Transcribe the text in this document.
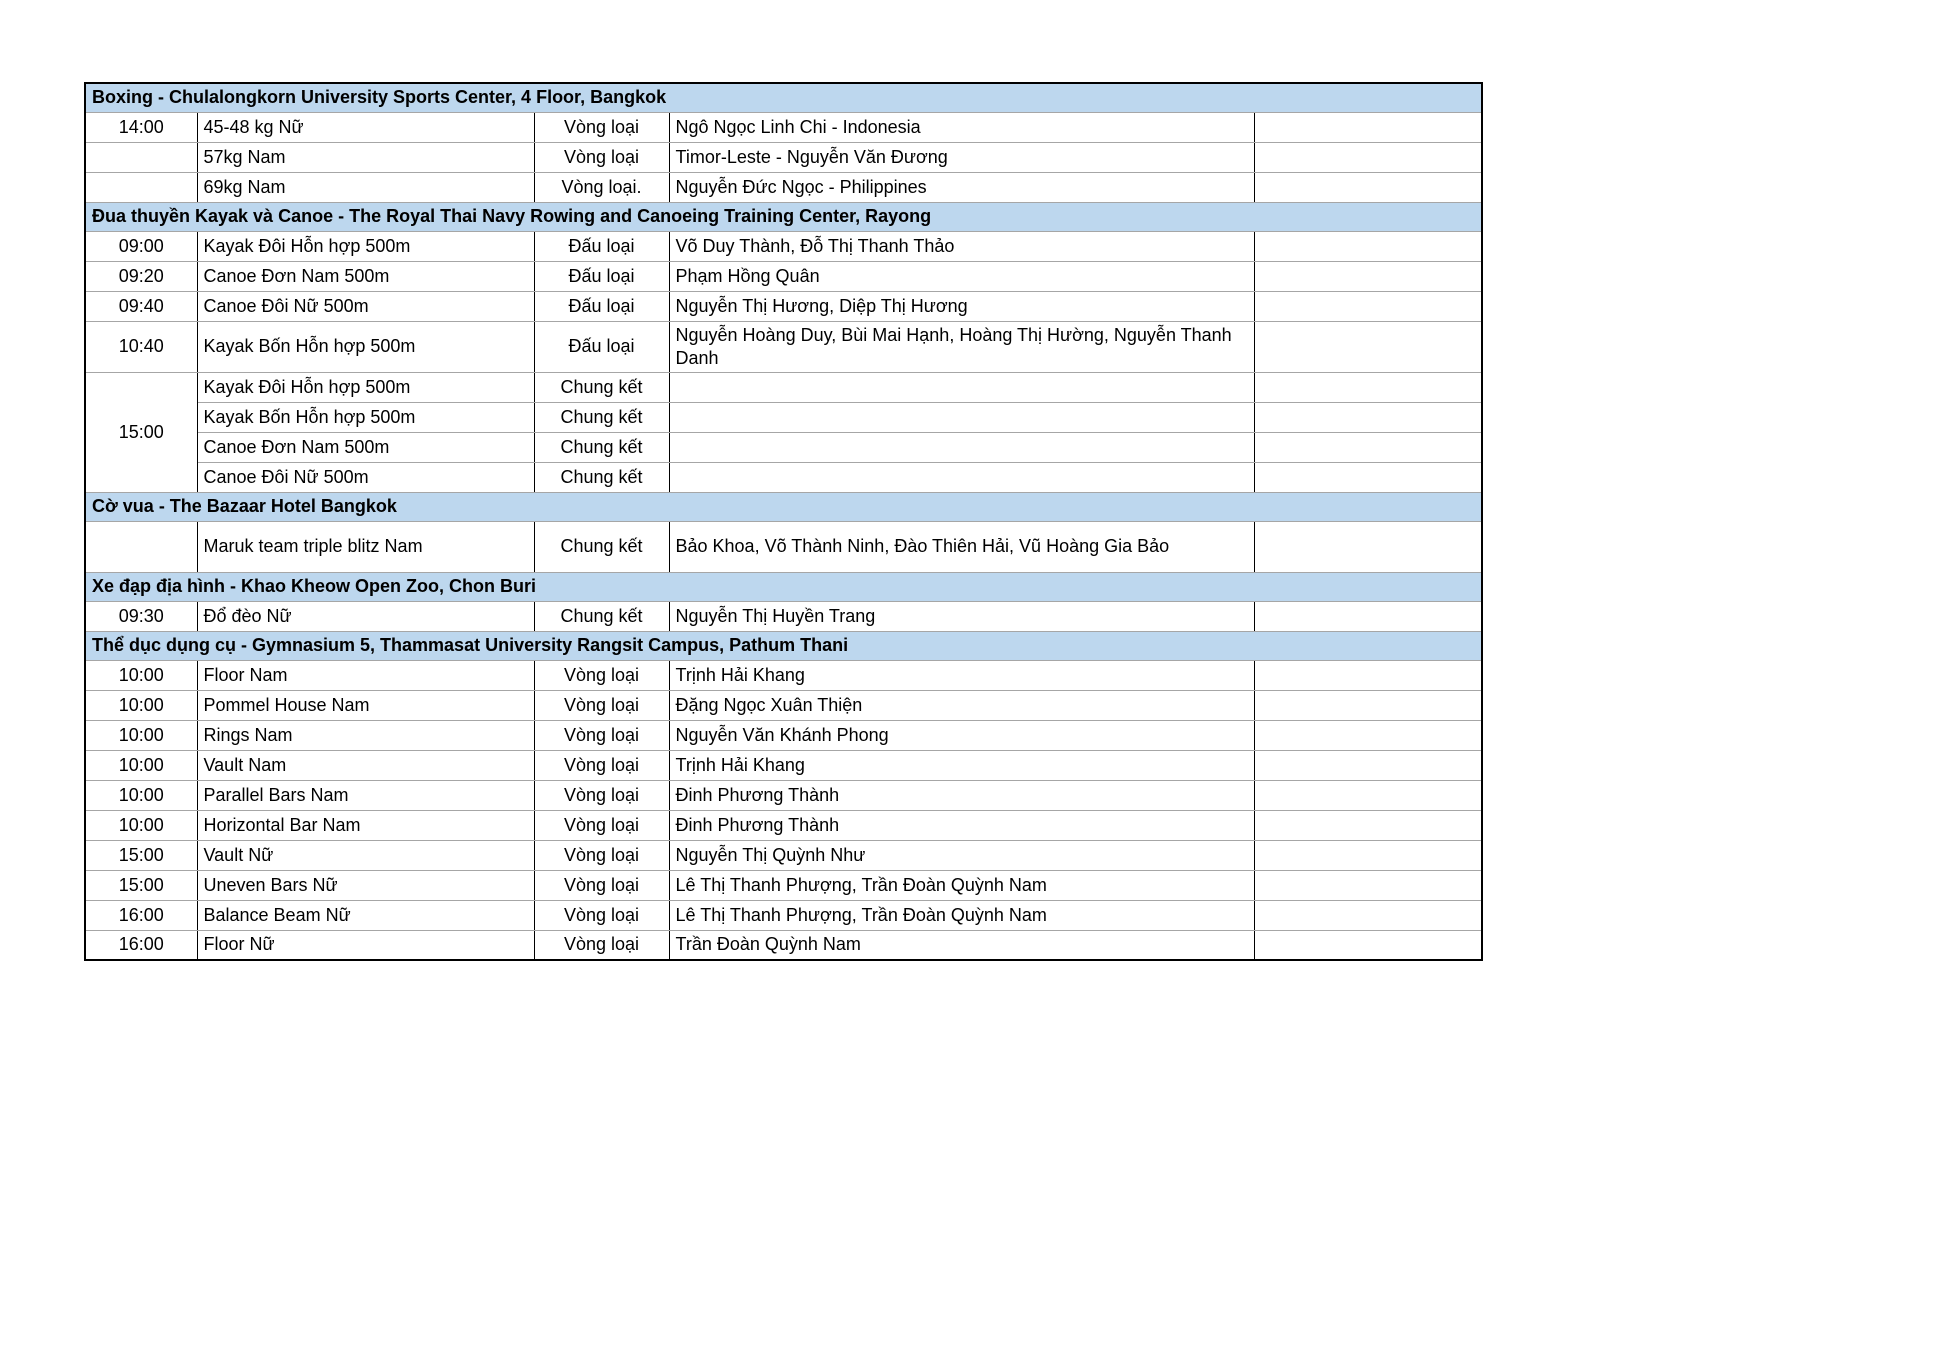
Boxing - Chulalongkorn University Sports Center, 4 Floor, Bangkok				
14:00	45-48 kg Nữ	Vòng loại	Ngô Ngọc Linh Chi - Indonesia	
	57kg Nam	Vòng loại	Timor-Leste - Nguyễn Văn Đương	
	69kg Nam	Vòng loại.	Nguyễn Đức Ngọc - Philippines	
Đua thuyền Kayak và Canoe - The Royal Thai Navy Rowing and Canoeing Training Center, Rayong				
09:00	Kayak Đôi Hỗn hợp 500m	Đấu loại	Võ Duy Thành, Đỗ Thị Thanh Thảo	
09:20	Canoe Đơn Nam 500m	Đấu loại	Phạm Hồng Quân	
09:40	Canoe Đôi Nữ 500m	Đấu loại	Nguyễn Thị Hương, Diệp Thị Hương	
10:40	Kayak Bốn Hỗn hợp 500m	Đấu loại	Nguyễn Hoàng Duy, Bùi Mai Hạnh, Hoàng Thị Hường, Nguyễn Thanh Danh	
15:00	Kayak Đôi Hỗn hợp 500m	Chung kết		
	Kayak Bốn Hỗn hợp 500m	Chung kết		
	Canoe Đơn Nam 500m	Chung kết		
	Canoe Đôi Nữ 500m	Chung kết		
Cờ vua - The Bazaar Hotel Bangkok				
	Maruk team triple blitz Nam	Chung kết	Bảo Khoa, Võ Thành Ninh, Đào Thiên Hải, Vũ Hoàng Gia Bảo	
Xe đạp địa hình - Khao Kheow Open Zoo, Chon Buri				
09:30	Đổ đèo Nữ	Chung kết	Nguyễn Thị Huyền Trang	
Thể dục dụng cụ - Gymnasium 5, Thammasat University Rangsit Campus, Pathum Thani				
10:00	Floor Nam	Vòng loại	Trịnh Hải Khang	
10:00	Pommel House Nam	Vòng loại	Đặng Ngọc Xuân Thiện	
10:00	Rings Nam	Vòng loại	Nguyễn Văn Khánh Phong	
10:00	Vault Nam	Vòng loại	Trịnh Hải Khang	
10:00	Parallel Bars Nam	Vòng loại	Đinh Phương Thành	
10:00	Horizontal Bar Nam	Vòng loại	Đinh Phương Thành	
15:00	Vault Nữ	Vòng loại	Nguyễn Thị Quỳnh Như	
15:00	Uneven Bars Nữ	Vòng loại	Lê Thị Thanh Phượng, Trần Đoàn Quỳnh Nam	
16:00	Balance Beam Nữ	Vòng loại	Lê Thị Thanh Phượng, Trần Đoàn Quỳnh Nam	
16:00	Floor Nữ	Vòng loại	Trần Đoàn Quỳnh Nam	
